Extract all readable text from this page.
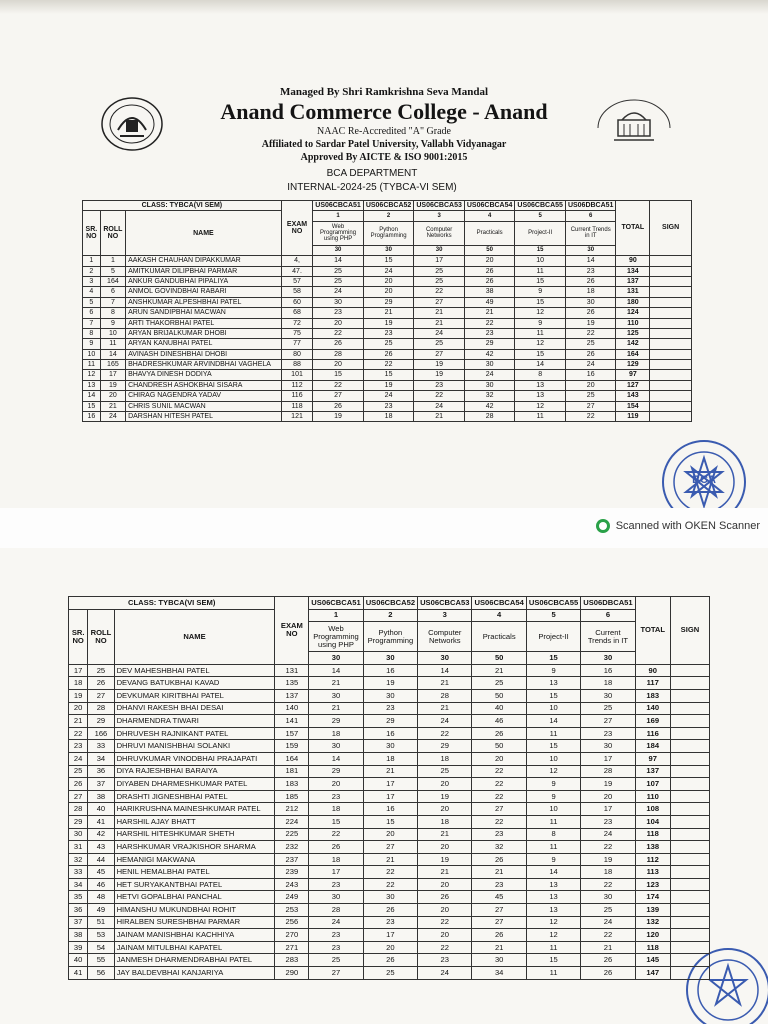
Managed By Shri Ramkrishna Seva Mandal
Anand Commerce College - Anand
NAAC Re-Accredited "A" Grade
Affiliated to Sardar Patel University, Vallabh Vidyanagar
Approved By AICTE & ISO 9001:2015
BCA DEPARTMENT
INTERNAL-2024-25 (TYBCA-VI SEM)
CLASS: TYBCA(VI SEM)			EXAM NO	US06CBCA51	US06CBCA52	US06CBCA53	US06CBCA54	US06CBCA55	US06DBCA51	TOTAL	SIGN
SR. NO	ROLL NO	NAME		1	2	3	4	5	6		
				Web Programming using PHP	Python Programming	Computer Networks	Practicals	Project-II	Current Trends in IT		
				30	30	30	50	15	30		
1	1	AAKASH CHAUHAN DIPAKKUMAR	4,	14	15	17	20	10	14	90	
2	5	AMITKUMAR DILIPBHAI PARMAR	47.	25	24	25	26	11	23	134	
3	164	ANKUR GANDUBHAI PIPALIYA	57	25	20	25	26	15	26	137	
4	6	ANMOL GOVINDBHAI RABARI	58	24	20	22	38	9	18	131	
5	7	ANSHKUMAR ALPESHBHAI PATEL	60	30	29	27	49	15	30	180	
6	8	ARUN SANDIPBHAI MACWAN	68	23	21	21	21	12	26	124	
7	9	ARTI THAKORBHAI PATEL	72	20	19	21	22	9	19	110	
8	10	ARYAN BRIJALKUMAR DHOBI	75	22	23	24	23	11	22	125	
9	11	ARYAN KANUBHAI PATEL	77	26	25	25	29	12	25	142	
10	14	AVINASH DINESHBHAI DHOBI	80	28	26	27	42	15	26	164	
11	165	BHADRESHKUMAR ARVINDBHAI VAGHELA	88	20	22	19	30	14	24	129	
12	17	BHAVYA DINESH DODIYA	101	15	15	19	24	8	16	97	
13	19	CHANDRESH ASHOKBHAI SISARA	112	22	19	23	30	13	20	127	
14	20	CHIRAG NAGENDRA YADAV	116	27	24	22	32	13	25	143	
15	21	CHRIS SUNIL MACWAN	118	26	23	24	42	12	27	154	
16	24	DARSHAN HITESH PATEL	121	19	18	21	28	11	22	119	
BCA
Scanned with OKEN Scanner
CLASS: TYBCA(VI SEM)			EXAM NO	US06CBCA51	US06CBCA52	US06CBCA53	US06CBCA54	US06CBCA55	US06DBCA51	TOTAL	SIGN
SR. NO	ROLL NO	NAME		1	2	3	4	5	6		
				Web Programming using PHP	Python Programming	Computer Networks	Practicals	Project-II	Current Trends in IT		
				30	30	30	50	15	30		
17	25	DEV MAHESHBHAI PATEL	131	14	16	14	21	9	16	90	
18	26	DEVANG BATUKBHAI KAVAD	135	21	19	21	25	13	18	117	
19	27	DEVKUMAR KIRITBHAI PATEL	137	30	30	28	50	15	30	183	
20	28	DHANVI RAKESH BHAI DESAI	140	21	23	21	40	10	25	140	
21	29	DHARMENDRA TIWARI	141	29	29	24	46	14	27	169	
22	166	DHRUVESH RAJNIKANT PATEL	157	18	16	22	26	11	23	116	
23	33	DHRUVI MANISHBHAI SOLANKI	159	30	30	29	50	15	30	184	
24	34	DHRUVKUMAR VINODBHAI PRAJAPATI	164	14	18	18	20	10	17	97	
25	36	DIYA RAJESHBHAI BARAIYA	181	29	21	25	22	12	28	137	
26	37	DIYABEN DHARMESHKUMAR PATEL	183	20	17	20	22	9	19	107	
27	38	DRASHTI JIGNESHBHAI PATEL	185	23	17	19	22	9	20	110	
28	40	HARIKRUSHNA MAINESHKUMAR PATEL	212	18	16	20	27	10	17	108	
29	41	HARSHIL AJAY BHATT	224	15	15	18	22	11	23	104	
30	42	HARSHIL HITESHKUMAR SHETH	225	22	20	21	23	8	24	118	
31	43	HARSHKUMAR VRAJKISHOR SHARMA	232	26	27	20	32	11	22	138	
32	44	HEMANIGI MAKWANA	237	18	21	19	26	9	19	112	
33	45	HENIL HEMALBHAI PATEL	239	17	22	21	21	14	18	113	
34	46	HET SURYAKANTBHAI PATEL	243	23	22	20	23	13	22	123	
35	48	HETVI GOPALBHAI PANCHAL	249	30	30	26	45	13	30	174	
36	49	HIMANSHU MUKUNDBHAI ROHIT	253	28	26	20	27	13	25	139	
37	51	HIRALBEN SURESHBHAI PARMAR	256	24	23	22	27	12	24	132	
38	53	JAINAM MANISHBHAI KACHHIYA	270	23	17	20	26	12	22	120	
39	54	JAINAM MITULBHAI KAPATEL	271	23	20	22	21	11	21	118	
40	55	JANMESH DHARMENDRABHAI PATEL	283	25	26	23	30	15	26	145	
41	56	JAY BALDEVBHAI KANJARIYA	290	27	25	24	34	11	26	147	
